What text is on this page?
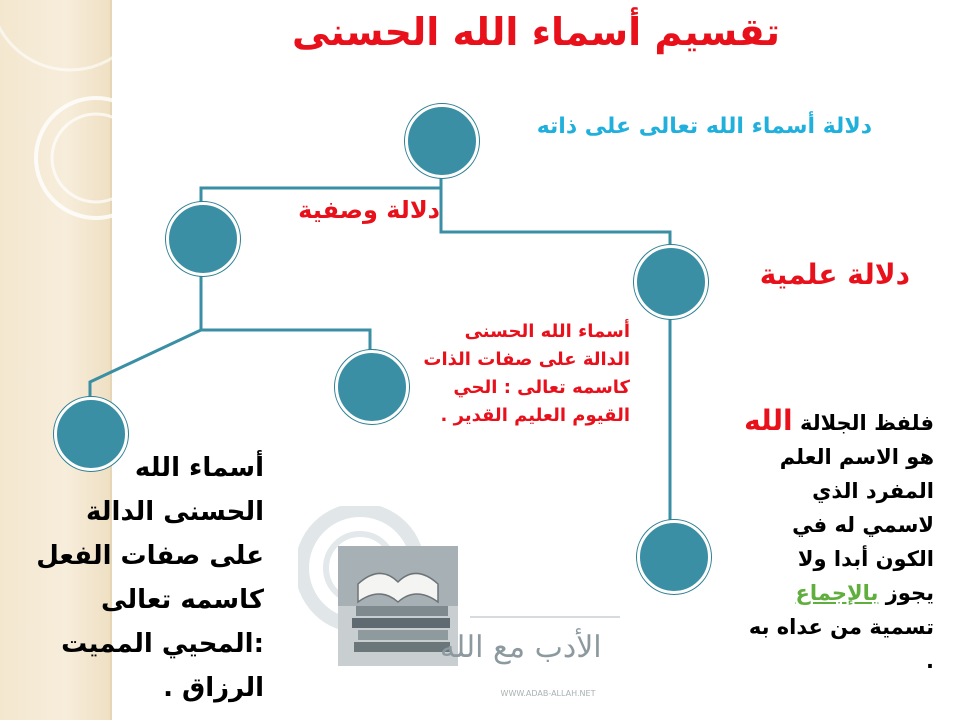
تقسيم أسماء الله الحسنى
دلالة أسماء الله تعالى على ذاته
دلالة وصفية
دلالة علمية
أسماء الله الحسنى
الدالة على صفات الذات
كاسمه تعالى : الحي
القيوم العليم القدير .
أسماء الله الحسنى الدالة على صفات الفعل كاسمه تعالى :المحيي المميت الرزاق .
فلفظ الجلالة الله
هو الاسم العلم
المفرد الذي
لاسمي له في
الكون أبدا ولا
يجوز بالإجماع
تسمية من عداه به
.
WWW.ADAB-ALLAH.NET
الأدب مع الله
